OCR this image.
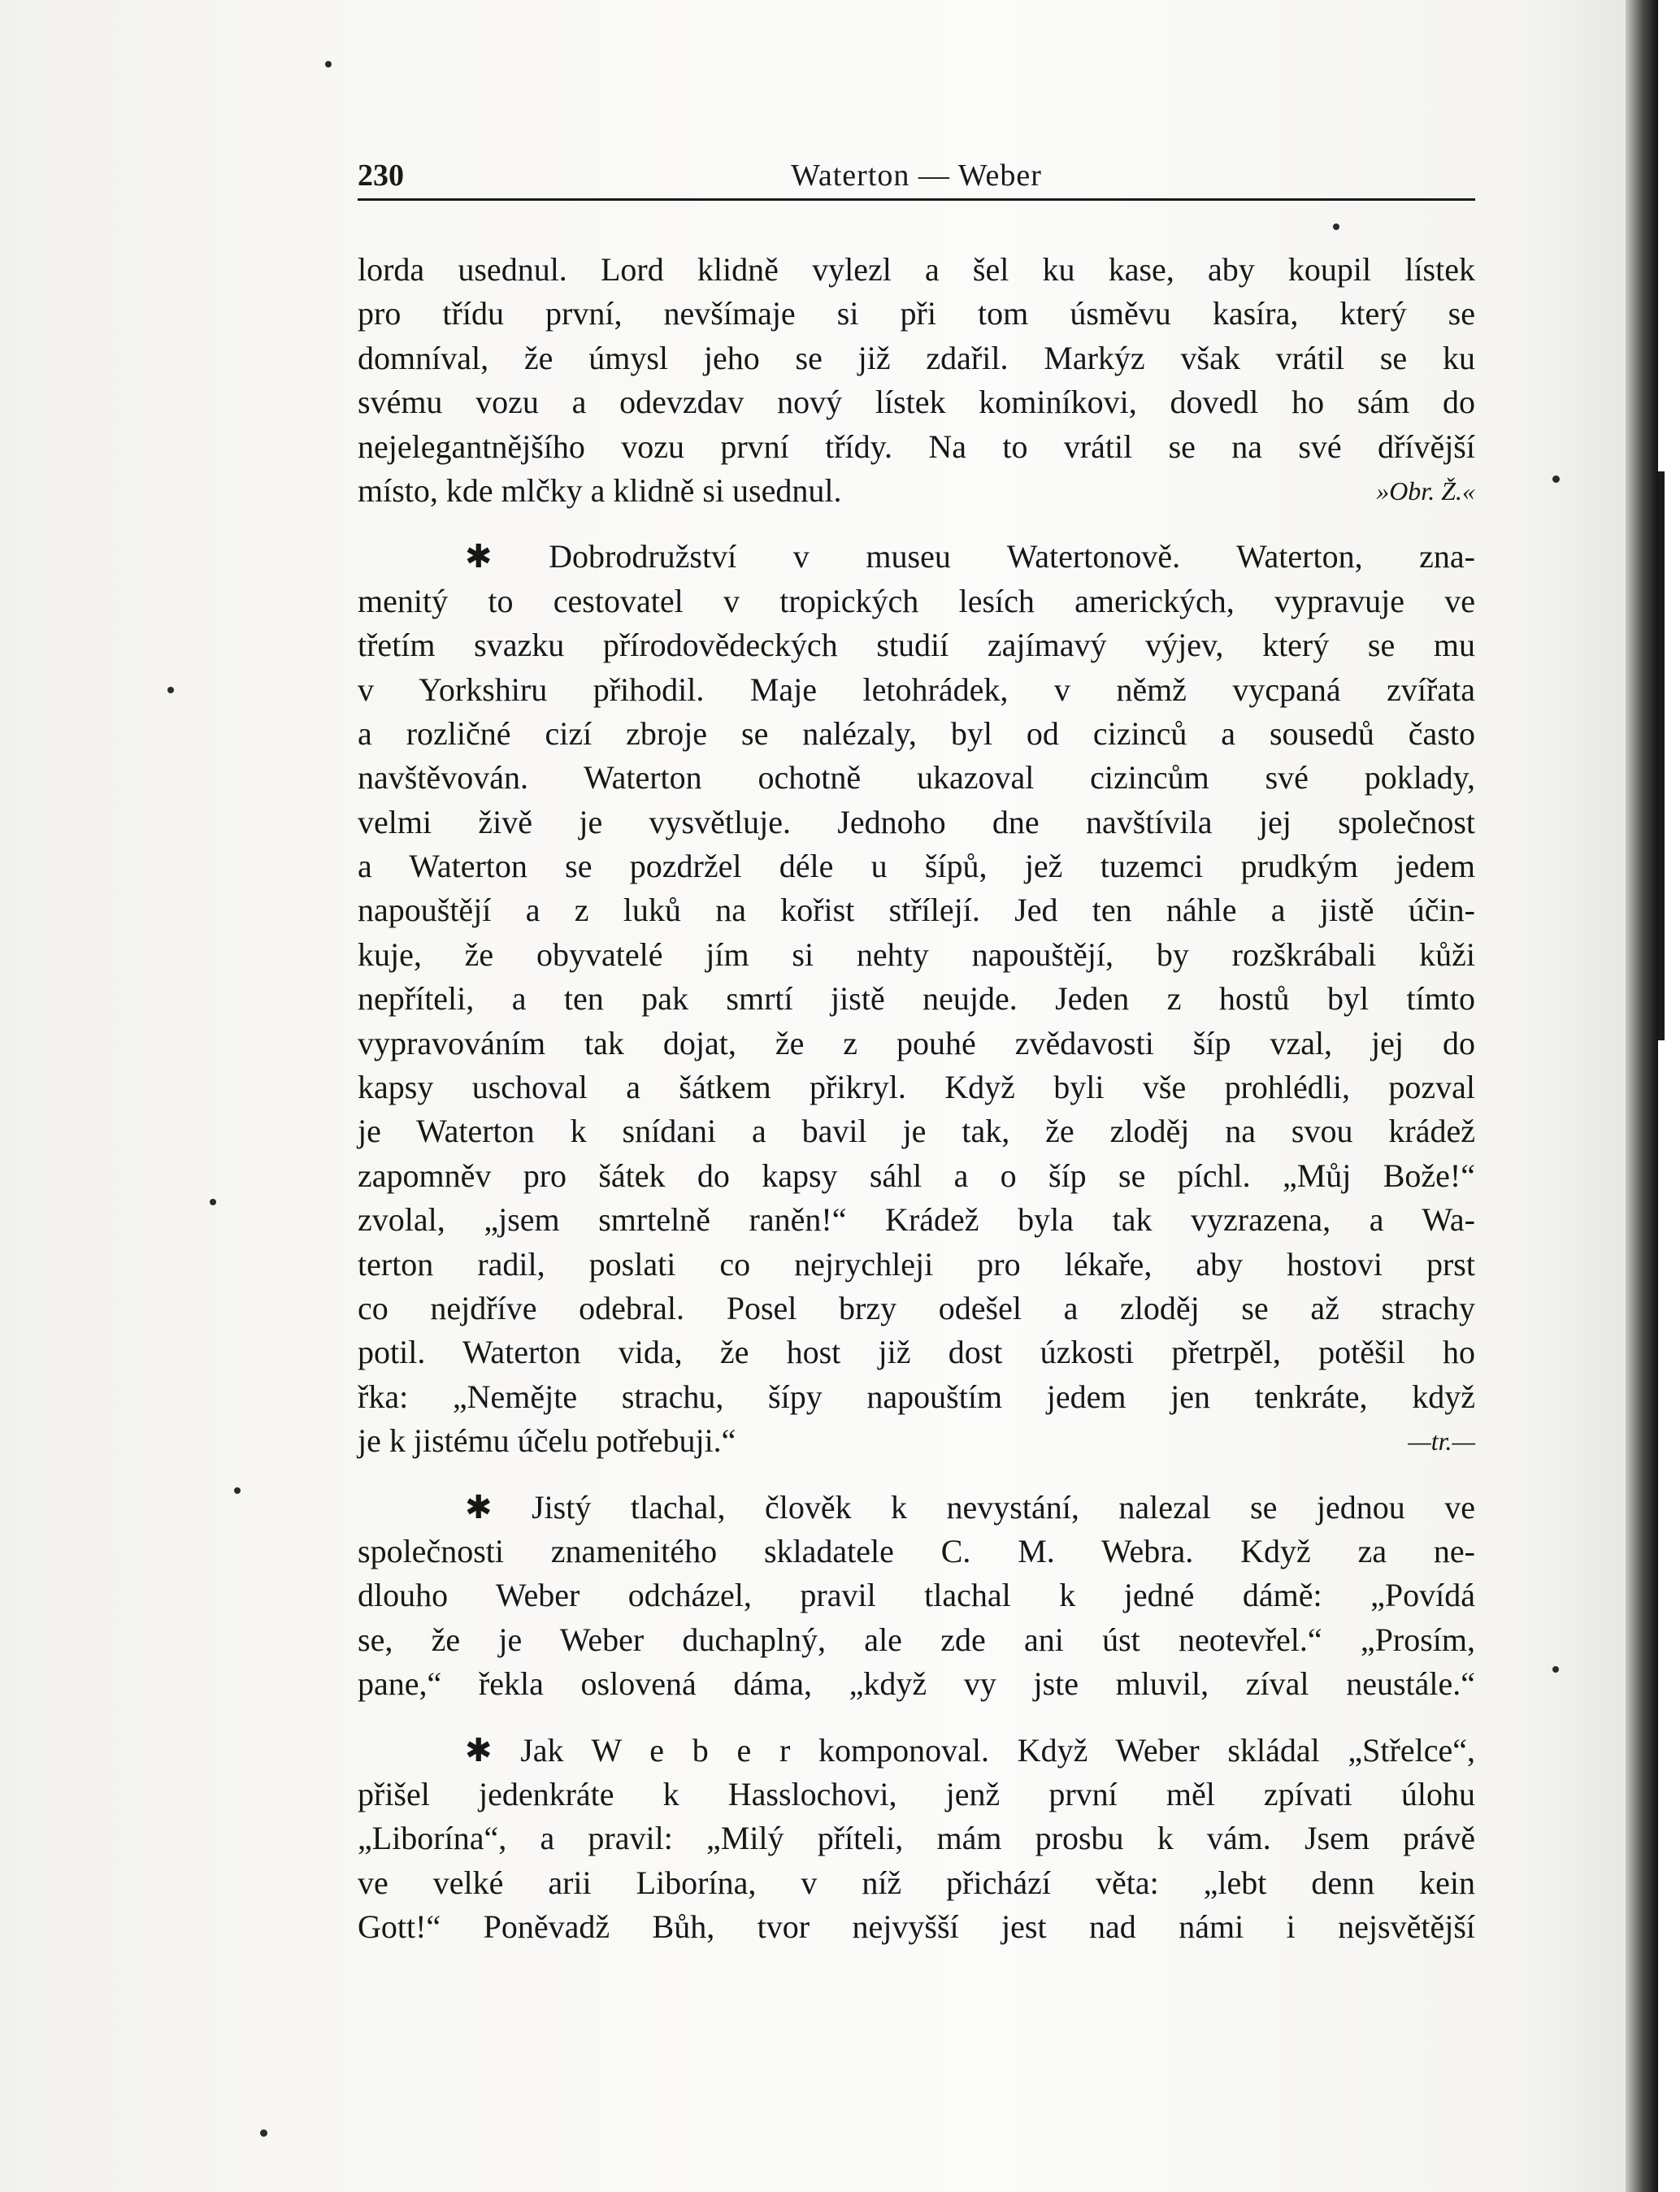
230	Waterton — Weber
lorda usednul. Lord klidně vylezl a šel ku kase, aby koupil lístek
pro třídu první, nevšímaje si při tom úsměvu kasíra, který se
domníval, že úmysl jeho se již zdařil. Markýz však vrátil se ku
svému vozu a odevzdav nový lístek kominíkovi, dovedl ho sám do
nejelegantnějšího vozu první třídy. Na to vrátil se na své dřívější
místo, kde mlčky a klidně si usednul.	»Obr. Ž.«
✱ Dobrodružství v museu Watertonově. Waterton, zna-
menitý to cestovatel v tropických lesích amerických, vypravuje ve
třetím svazku přírodovědeckých studií zajímavý výjev, který se mu
v Yorkshiru přihodil. Maje letohrádek, v němž vycpaná zvířata
a rozličné cizí zbroje se nalézaly, byl od cizinců a sousedů často
navštěvován. Waterton ochotně ukazoval cizincům své poklady,
velmi živě je vysvětluje. Jednoho dne navštívila jej společnost
a Waterton se pozdržel déle u šípů, jež tuzemci prudkým jedem
napouštějí a z luků na kořist střílejí. Jed ten náhle a jistě účin-
kuje, že obyvatelé jím si nehty napouštějí, by rozškrábali kůži
nepříteli, a ten pak smrtí jistě neujde. Jeden z hostů byl tímto
vypravováním tak dojat, že z pouhé zvědavosti šíp vzal, jej do
kapsy uschoval a šátkem přikryl. Když byli vše prohlédli, pozval
je Waterton k snídani a bavil je tak, že zloděj na svou krádež
zapomněv pro šátek do kapsy sáhl a o šíp se píchl. „Můj Bože!“
zvolal, „jsem smrtelně raněn!“ Krádež byla tak vyzrazena, a Wa-
terton radil, poslati co nejrychleji pro lékaře, aby hostovi prst
co nejdříve odebral. Posel brzy odešel a zloděj se až strachy
potil. Waterton vida, že host již dost úzkosti přetrpěl, potěšil ho
řka: „Nemějte strachu, šípy napouštím jedem jen tenkráte, když
je k jistému účelu potřebuji.“	—tr.—
✱ Jistý tlachal, člověk k nevystání, nalezal se jednou ve
společnosti znamenitého skladatele C. M. Webra. Když za ne-
dlouho Weber odcházel, pravil tlachal k jedné dámě: „Povídá
se, že je Weber duchaplný, ale zde ani úst neotevřel.“ „Prosím,
pane,“ řekla oslovená dáma, „když vy jste mluvil, zíval neustále.“
✱ Jak W e b e r komponoval. Když Weber skládal „Střelce“,
přišel jedenkráte k Hasslochovi, jenž první měl zpívati úlohu
„Liborína“, a pravil: „Milý příteli, mám prosbu k vám. Jsem právě
ve velké arii Liborína, v níž přichází věta: „lebt denn kein
Gott!“ Poněvadž Bůh, tvor nejvyšší jest nad námi i nejsvětější
